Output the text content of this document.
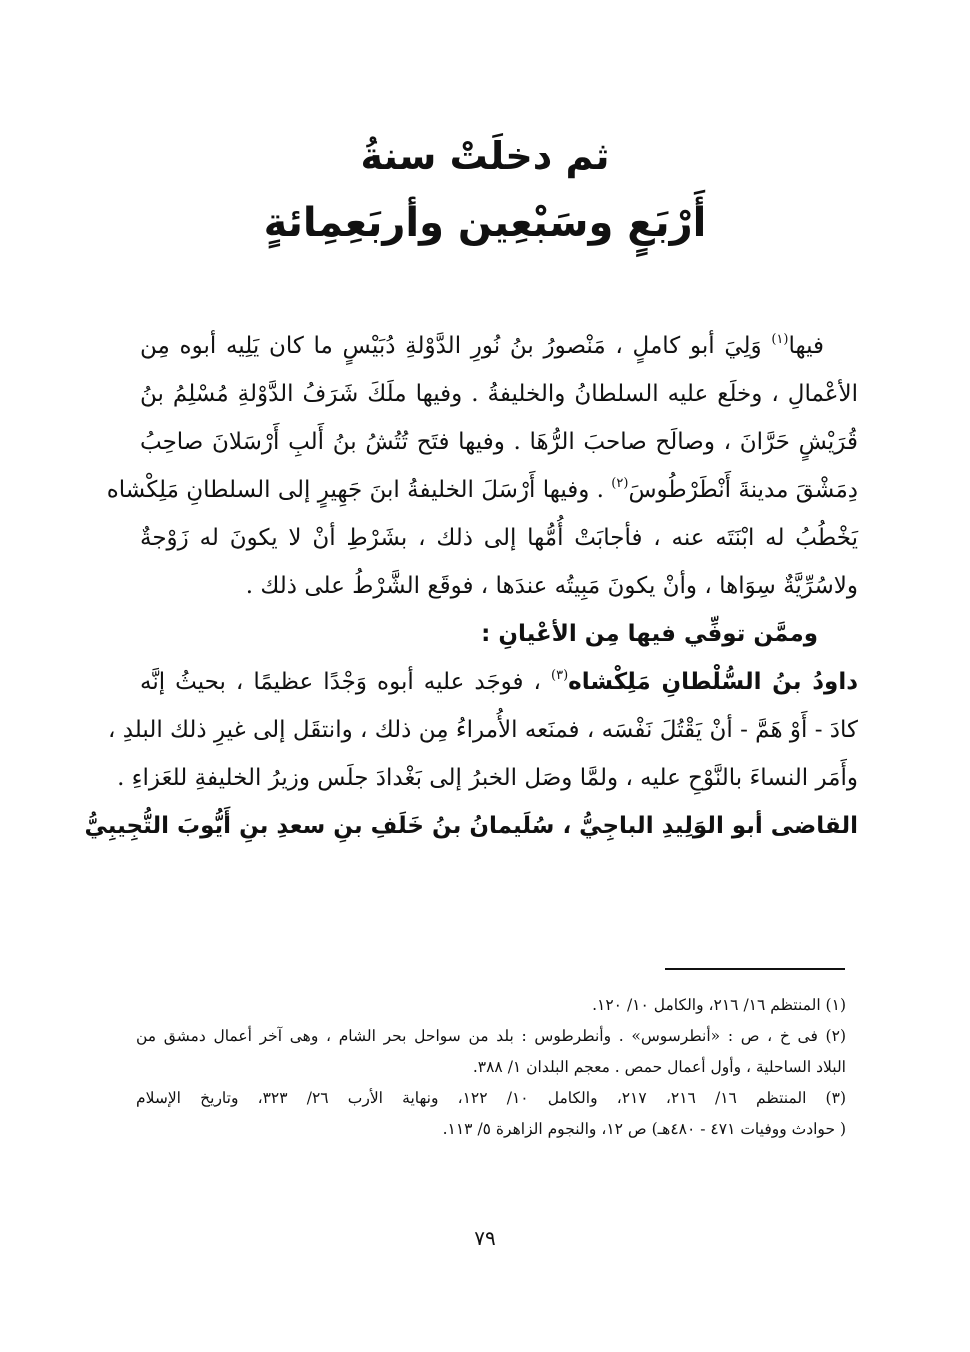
ثم دخلَتْ سنةُ
أَرْبَعٍ وسَبْعِين وأربَعِمِائةٍ
فيها$^{(١)}$ وَلِيَ أبو كاملٍ ، مَنْصورُ بنُ نُورِ الدَّوْلةِ دُبَيْسٍ ما كان يَلِيه أبوه مِن
الأعْمالِ ، وخلَع عليه السلطانُ والخليفةُ . وفيها ملَكَ شَرَفُ الدَّوْلةِ مُسْلِمُ بنُ
قُرَيْشٍ حَرَّانَ ، وصالَح صاحبَ الرُّهَا . وفيها فتَح تُتُشُ بنُ أَلبِ أَرْسَلانَ صاحِبُ
دِمَشْقَ مدينةَ أَنْطَرْطُوسَ$^{(٢)}$ . وفيها أَرْسَلَ الخليفةُ ابنَ جَهِيرٍ إلى السلطانِ مَلِكْشاه
يَخْطُبُ له ابْنَتَه عنه ، فأجابَتْ أُمُّها إلى ذلك ، بشَرْطِ أنْ لا يكونَ له زَوْجةٌ
ولاسُرِّيَّةٌ سِوَاها ، وأنْ يكونَ مَبِيتُه عندَها ، فوقَع الشَّرْطُ على ذلك .
وممَّن توفِّي فيها مِن الأعْيانِ :
داودُ بنُ السُّلْطانِ مَلِكْشاه$^{(٣)}$ ، فوجَد عليه أبوه وَجْدًا عظيمًا ، بحيثُ إنَّه
كادَ - أَوْ هَمَّ - أنْ يَقْتُلَ نَفْسَه ، فمنَعه الأُمراءُ مِن ذلك ، وانتقَل إلى غيرِ ذلك البلدِ ،
وأَمَر النساءَ بالنَّوْحِ عليه ، ولمَّا وصَل الخبرُ إلى بَغْدادَ جلَس وزيرُ الخليفةِ للعَزاءِ .
القاضى أبو الوَلِيدِ الباجِيُّ ، سُلَيمانُ بنُ خَلَفِ بنِ سعدِ بنِ أَيُّوبَ التُّجِيبِيُّ
(١) المنتظم ١٦/ ٢١٦، والكامل ١٠/ ١٢٠.
(٢) فى خ ، ص : «أنطرسوس» . وأنطرطوس : بلد من سواحل بحر الشام ، وهى آخر أعمال دمشق من
البلاد الساحلية ، وأول أعمال حمص . معجم البلدان ١/ ٣٨٨.
(٣) المنتظم ١٦/ ٢١٦، ٢١٧، والكامل ١٠/ ١٢٢، ونهاية الأرب ٢٦/ ٣٢٣، وتاريخ الإسلام
( حوادث ووفيات ٤٧١ - ٤٨٠هـ) ص ١٢، والنجوم الزاهرة ٥/ ١١٣.
٧٩
